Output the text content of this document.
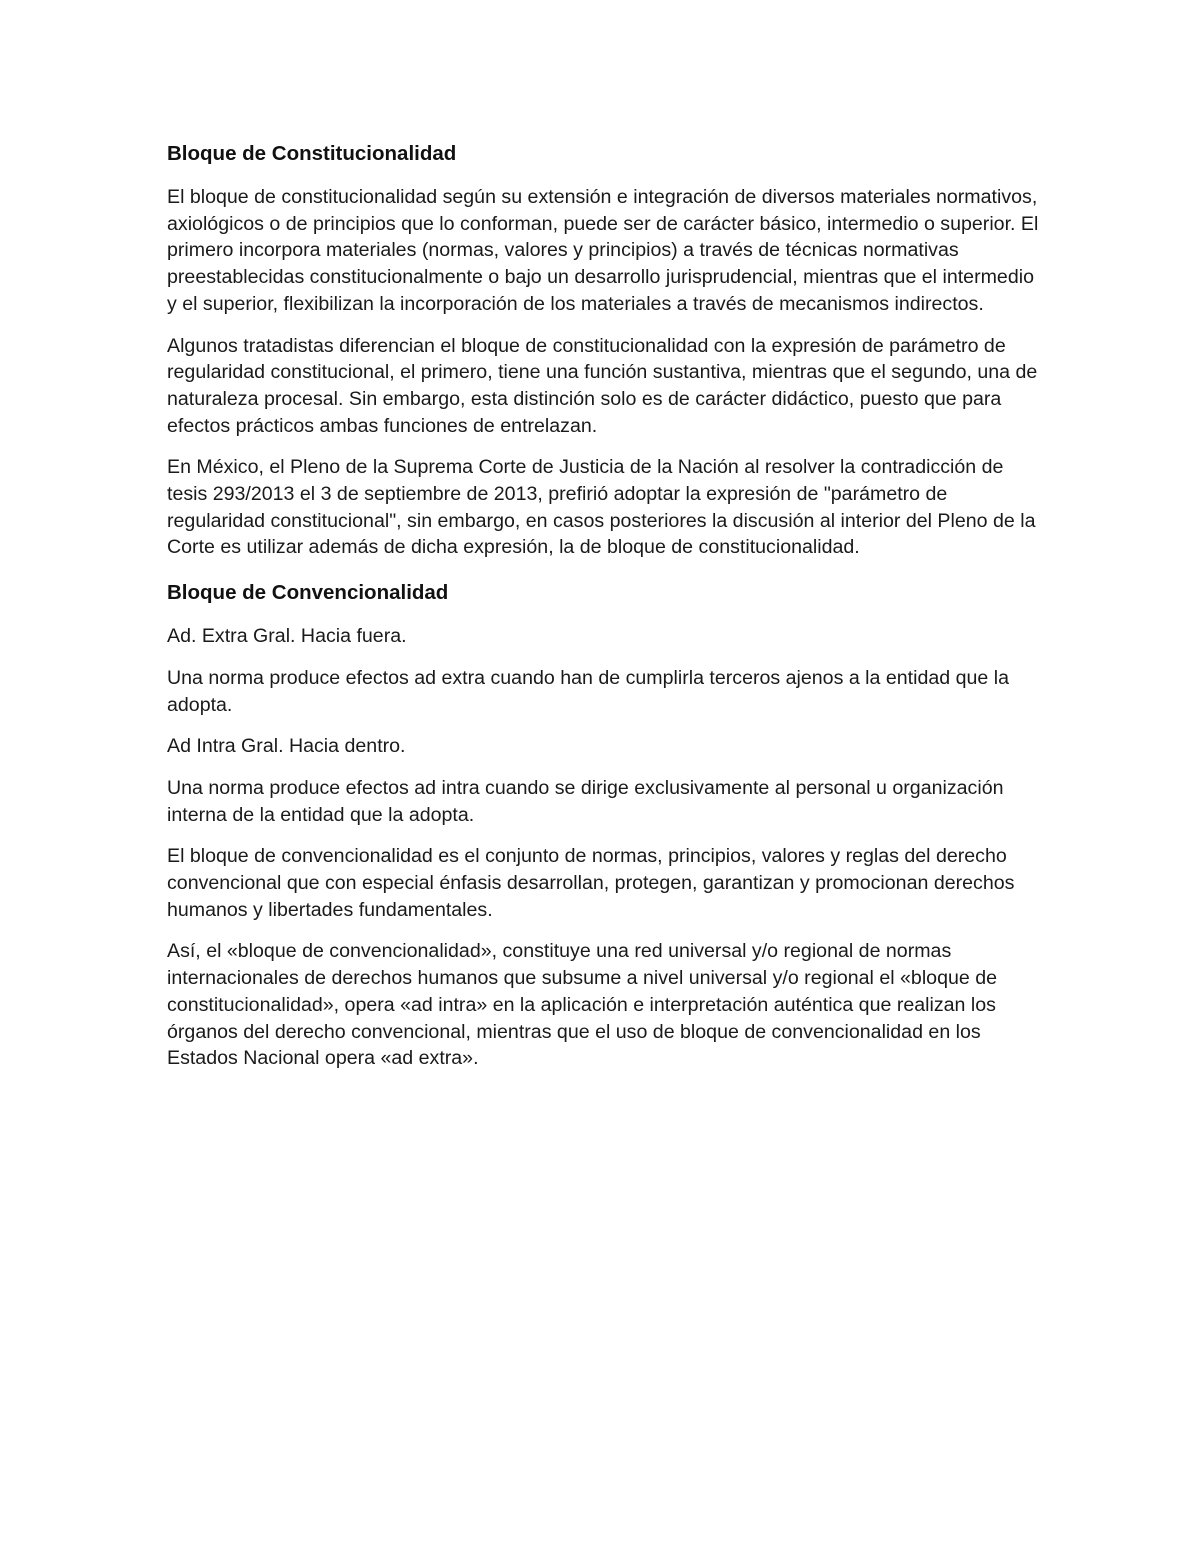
Bloque de Constitucionalidad

El bloque de constitucionalidad según su extensión e integración de diversos materiales normativos, axiológicos o de principios que lo conforman, puede ser de carácter básico, intermedio o superior. El primero incorpora materiales (normas, valores y principios) a través de técnicas normativas preestablecidas constitucionalmente o bajo un desarrollo jurisprudencial, mientras que el intermedio y el superior, flexibilizan la incorporación de los materiales a través de mecanismos indirectos.

Algunos tratadistas diferencian el bloque de constitucionalidad con la expresión de parámetro de regularidad constitucional, el primero, tiene una función sustantiva, mientras que el segundo, una de naturaleza procesal. Sin embargo, esta distinción solo es de carácter didáctico, puesto que para efectos prácticos ambas funciones de entrelazan.

En México, el Pleno de la Suprema Corte de Justicia de la Nación al resolver la contradicción de tesis 293/2013 el 3 de septiembre de 2013, prefirió adoptar la expresión de "parámetro de regularidad constitucional", sin embargo, en casos posteriores la discusión al interior del Pleno de la Corte es utilizar además de dicha expresión, la de bloque de constitucionalidad.

Bloque de Convencionalidad

Ad. Extra Gral. Hacia fuera.

Una norma produce efectos ad extra cuando han de cumplirla terceros ajenos a la entidad que la adopta.

Ad Intra Gral. Hacia dentro.

Una norma produce efectos ad intra cuando se dirige exclusivamente al personal u organización interna de la entidad que la adopta.

El bloque de convencionalidad es el conjunto de normas, principios, valores y reglas del derecho convencional que con especial énfasis desarrollan, protegen, garantizan y promocionan derechos humanos y libertades fundamentales.

Así, el «bloque de convencionalidad», constituye una red universal y/o regional de normas internacionales de derechos humanos que subsume a nivel universal y/o regional el «bloque de constitucionalidad», opera «ad intra» en la aplicación e interpretación auténtica que realizan los órganos del derecho convencional, mientras que el uso de bloque de convencionalidad en los Estados Nacional opera «ad extra».
